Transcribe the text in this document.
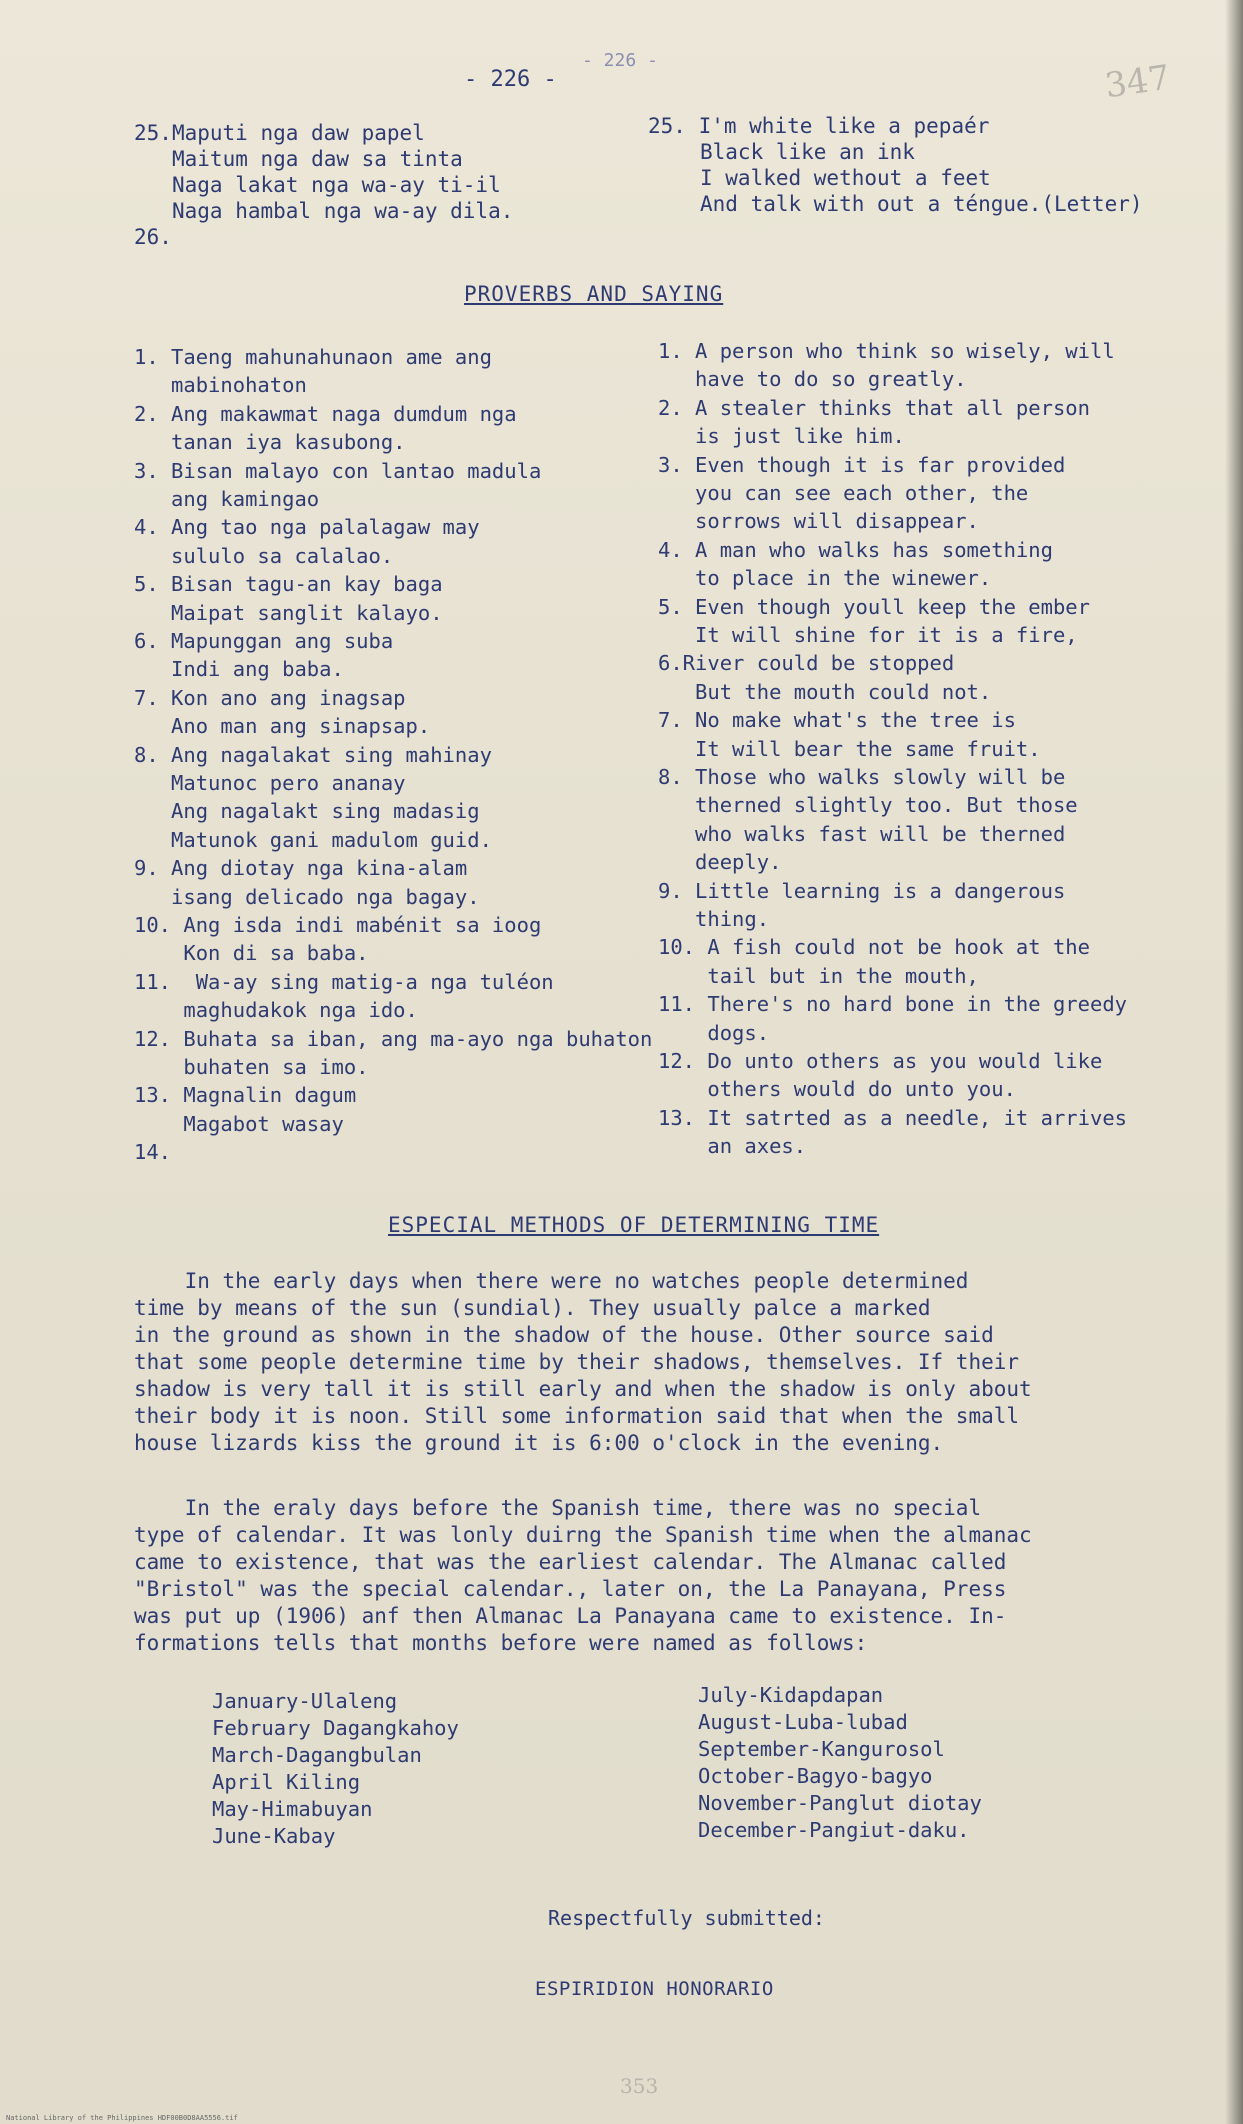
- 226 -
- 226 -	347
25.Maputi nga daw papel
Maitum nga daw sa tinta
Naga lakat nga wa-ay ti-il
Naga hambal nga wa-ay dila.
26.
25. I'm white like a pepaér
Black like an ink
I walked wethout a feet
And talk with out a ténguе.(Letter)
PROVERBS AND SAYING
1. Taeng mahunahunaon ame ang
mabinohaton
2. Ang makawmat naga dumdum nga
tanan iya kasubong.
3. Bisan malayo con lantao madula
ang kamingao
4. Ang tao nga palalagaw may
sululo sa calalao.
5. Bisan tagu-an kay baga
Maipat sanglit kalayo.
6. Mapunggan ang suba
Indi ang baba.
7. Kon ano ang inagsap
Ano man ang sinapsap.
8. Ang nagalakat sing mahinay
Matunoc pero ananay
Ang nagalakt sing madasig
Matunok gani madulom guid.
9. Ang diotay nga kina-alam
isang delicado nga bagay.
10. Ang isda indi mabénit sa ioog
Kon di sa baba.
11.  Wa-ay sing matig-a nga tuléon
maghudakok nga ido.
12. Buhata sa iban, ang ma-ayo nga buhaton
buhaten sa imo.
13. Magnalin dagum
Magabot wasay
14.
1. A person who think so wisely, will
have to do so greatly.
2. A stealer thinks that all person
is just like him.
3. Even though it is far provided
you can see each other, the
sorrows will disappear.
4. A man who walks has something
to place in the winewer.
5. Even though youll keep the ember
It will shine for it is a fire,
6.River could be stopped
But the mouth could not.
7. No make what's the tree is
It will bear the same fruit.
8. Those who walks slowly will be
therned slightly too. But those
who walks fast will be therned
deeply.
9. Little learning is a dangerous
thing.
10. A fish could not be hook at the
tail but in the mouth,
11. There's no hard bone in the greedy
dogs.
12. Do unto others as you would like
others would do unto you.
13. It satrted as a needle, it arrives
an axes.
ESPECIAL METHODS OF DETERMINING TIME
In the early days when there were no watches people determined
time by means of the sun (sundial). They usually palce a marked
in the ground as shown in the shadow of the house. Other source said
that some people determine time by their shadows, themselves. If their
shadow is very tall it is still early and when the shadow is only about
their body it is noon. Still some information said that when the small
house lizards kiss the ground it is 6:00 o'clock in the evening.
In the eraly days before the Spanish time, there was no special
type of calendar. It was lonly duirng the Spanish time when the almanac
came to existence, that was the earliest calendar. The Almanac called
"Bristol" was the special calendar., later on, the La Panayana, Press
was put up (1906) anf then Almanac La Panayana came to existence. In-
formations tells that months before were named as follows:
January-Ulaleng
February Dagangkahoy
March-Dagangbulan
April Kiling
May-Himabuyan
June-Kabay
July-Kidapdapan
August-Luba-lubad
September-Kangurosol
October-Bagyo-bagyo
November-Panglut diotay
December-Pangiut-daku.
Respectfully submitted:
ESPIRIDION HONORARIO
353
National Library of the Philippines HDF00B0D8AA5556.tif
